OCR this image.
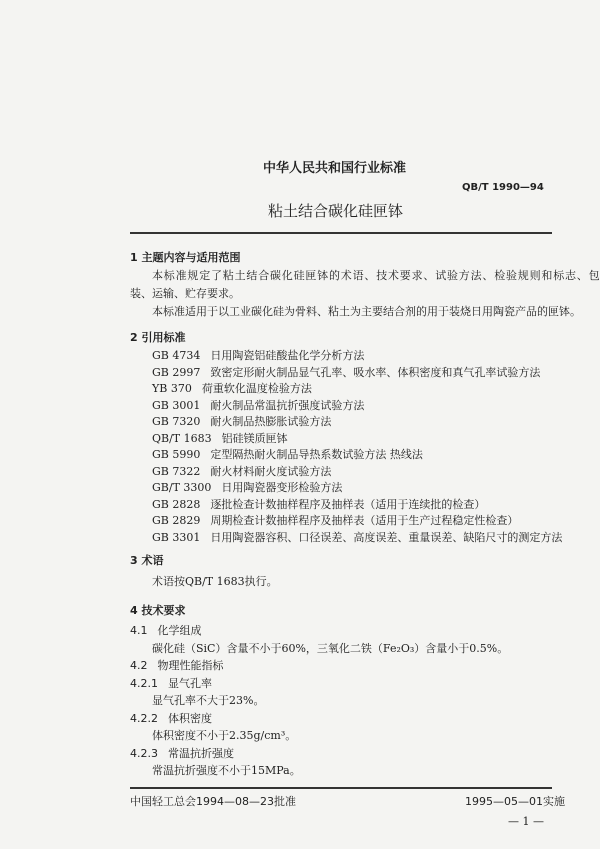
中华人民共和国行业标准
QB/T 1990—94
粘土结合碳化硅匣钵
1 主题内容与适用范围
本标准规定了粘土结合碳化硅匣钵的术语、技术要求、试验方法、检验规则和标志、包
装、运输、贮存要求。
本标准适用于以工业碳化硅为骨料、粘土为主要结合剂的用于装烧日用陶瓷产品的匣钵。
2 引用标准
GB 4734 日用陶瓷铝硅酸盐化学分析方法
GB 2997 致密定形耐火制品显气孔率、吸水率、体积密度和真气孔率试验方法
YB 370 荷重软化温度检验方法
GB 3001 耐火制品常温抗折强度试验方法
GB 7320 耐火制品热膨胀试验方法
QB/T 1683 铝硅镁质匣钵
GB 5990 定型隔热耐火制品导热系数试验方法 热线法
GB 7322 耐火材料耐火度试验方法
GB/T 3300 日用陶瓷器变形检验方法
GB 2828 逐批检查计数抽样程序及抽样表（适用于连续批的检查）
GB 2829 周期检查计数抽样程序及抽样表（适用于生产过程稳定性检查）
GB 3301 日用陶瓷器容积、口径误差、高度误差、重量误差、缺陷尺寸的测定方法
3 术语
术语按QB/T 1683执行。
4 技术要求
4.1 化学组成
碳化硅（SiC）含量不小于60%，三氧化二铁（Fe₂O₃）含量小于0.5%。
4.2 物理性能指标
4.2.1 显气孔率
显气孔率不大于23%。
4.2.2 体积密度
体积密度不小于2.35g/cm³。
4.2.3 常温抗折强度
常温抗折强度不小于15MPa。
中国轻工总会1994—08—23批准	1995—05—01实施
— 1 —
